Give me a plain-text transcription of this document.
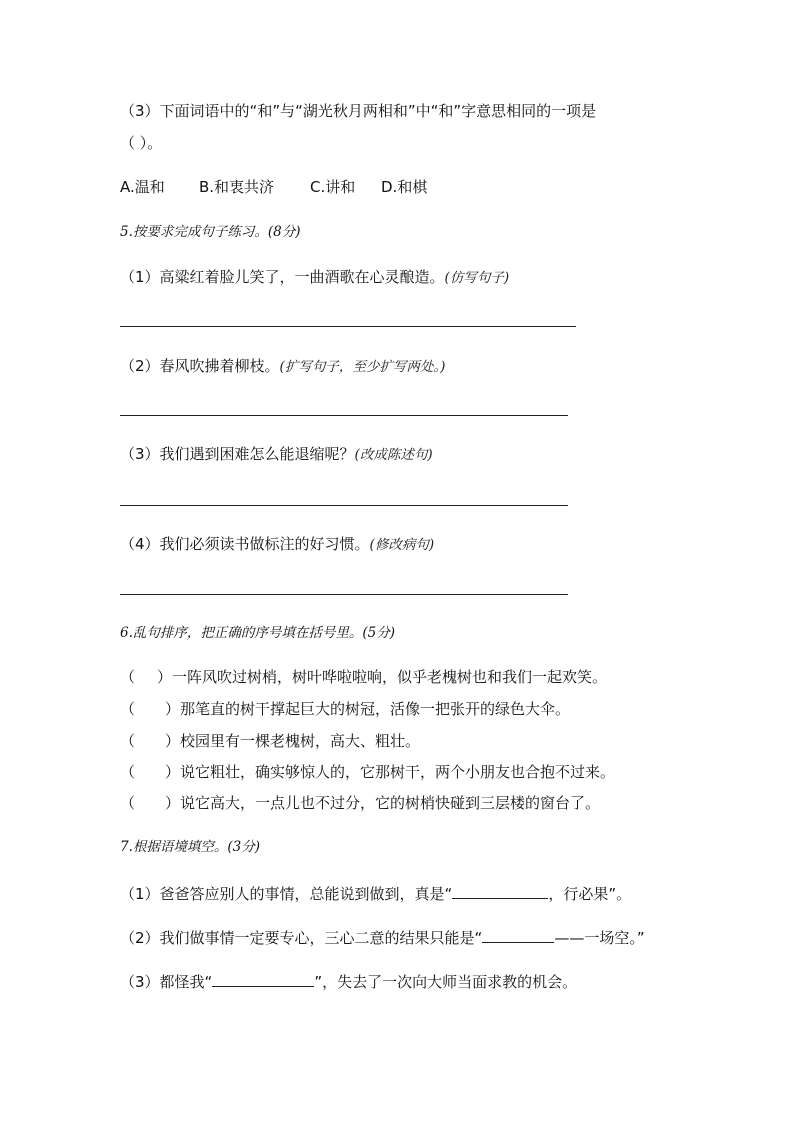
（3）下面词语中的“和”与“湖光秋月两相和”中“和”字意思相同的一项是
（ ）。
A.温和 B.和衷共济 C.讲和 D.和棋
5.按要求完成句子练习。(8分)
（1）高粱红着脸儿笑了，一曲酒歌在心灵酿造。(仿写句子)
（2）春风吹拂着柳枝。(扩写句子，至少扩写两处。)
（3）我们遇到困难怎么能退缩呢？(改成陈述句)
（4）我们必须读书做标注的好习惯。(修改病句)
6.乱句排序，把正确的序号填在括号里。(5分)
（ ）一阵风吹过树梢，树叶哗啦啦响，似乎老槐树也和我们一起欢笑。
（ ）那笔直的树干撑起巨大的树冠，活像一把张开的绿色大伞。
（ ）校园里有一棵老槐树，高大、粗壮。
（ ）说它粗壮，确实够惊人的，它那树干，两个小朋友也合抱不过来。
（ ）说它高大，一点儿也不过分，它的树梢快碰到三层楼的窗台了。
7.根据语境填空。(3分)
（1）爸爸答应别人的事情，总能说到做到，真是“	，行必果”。
（2）我们做事情一定要专心，三心二意的结果只能是“	——一场空。”
（3）都怪我“	”，失去了一次向大师当面求教的机会。
